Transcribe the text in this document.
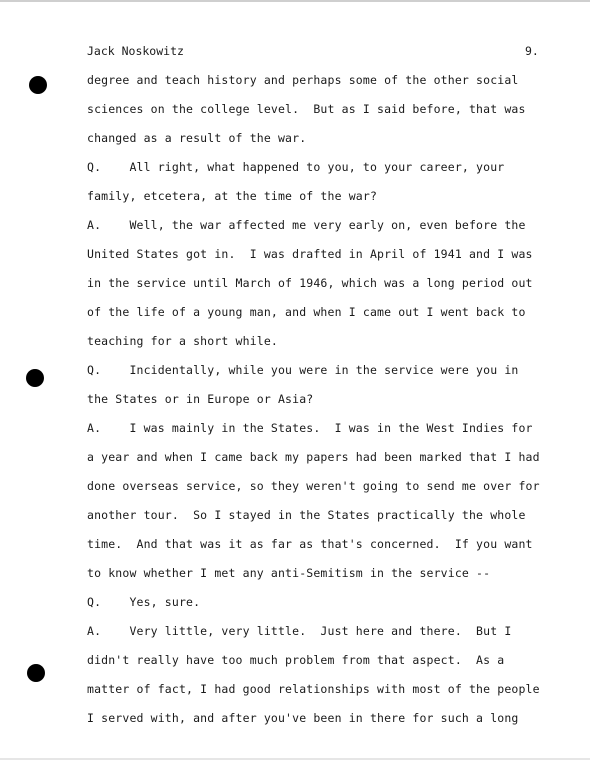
Jack Noskowitz	9.
degree and teach history and perhaps some of the other social
sciences on the college level.  But as I said before, that was
changed as a result of the war.
Q.    All right, what happened to you, to your career, your
family, etcetera, at the time of the war?
A.    Well, the war affected me very early on, even before the
United States got in.  I was drafted in April of 1941 and I was
in the service until March of 1946, which was a long period out
of the life of a young man, and when I came out I went back to
teaching for a short while.
Q.    Incidentally, while you were in the service were you in
the States or in Europe or Asia?
A.    I was mainly in the States.  I was in the West Indies for
a year and when I came back my papers had been marked that I had
done overseas service, so they weren't going to send me over for
another tour.  So I stayed in the States practically the whole
time.  And that was it as far as that's concerned.  If you want
to know whether I met any anti-Semitism in the service --
Q.    Yes, sure.
A.    Very little, very little.  Just here and there.  But I
didn't really have too much problem from that aspect.  As a
matter of fact, I had good relationships with most of the people
I served with, and after you've been in there for such a long
